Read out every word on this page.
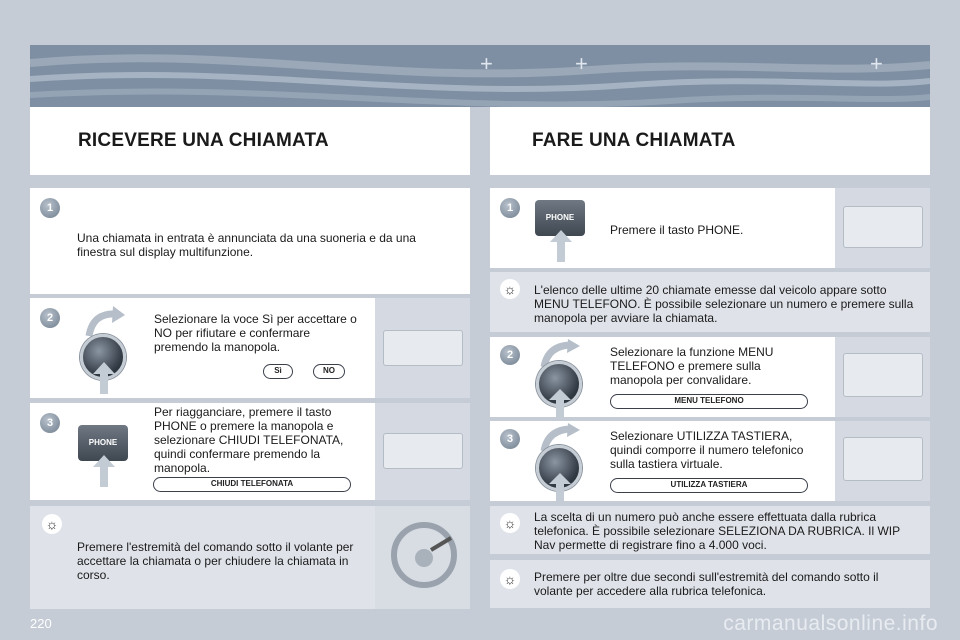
+	+	+
RICEVERE UNA CHIAMATA	FARE UNA CHIAMATA
1
Una chiamata in entrata è annunciata da una suoneria e da una finestra sul display multifunzione.
2	Selezionare la voce Sì per accettare o NO per rifiutare e confermare premendo la manopola.
Sì	NO
3
PHONE
Per riagganciare, premere il tasto PHONE o premere la manopola e selezionare CHIUDI TELEFONATA, quindi confermare premendo la manopola.
CHIUDI TELEFONATA
☼
Premere l'estremità del comando sotto il volante per accettare la chiamata o per chiudere la chiamata in corso.
1
PHONE
Premere il tasto PHONE.
☼ L'elenco delle ultime 20 chiamate emesse dal veicolo appare sotto MENU TELEFONO. È possibile selezionare un numero e premere sulla manopola per avviare la chiamata.
2	Selezionare la funzione MENU TELEFONO e premere sulla manopola per convalidare.
MENU TELEFONO
3	Selezionare UTILIZZA TASTIERA, quindi comporre il numero telefonico sulla tastiera virtuale.
UTILIZZA TASTIERA
☼ La scelta di un numero può anche essere effettuata dalla rubrica telefonica. È possibile selezionare SELEZIONA DA RUBRICA. Il WIP Nav permette di registrare fino a 4.000 voci.
☼ Premere per oltre due secondi sull'estremità del comando sotto il volante per accedere alla rubrica telefonica.
220	carmanualsonline.info
